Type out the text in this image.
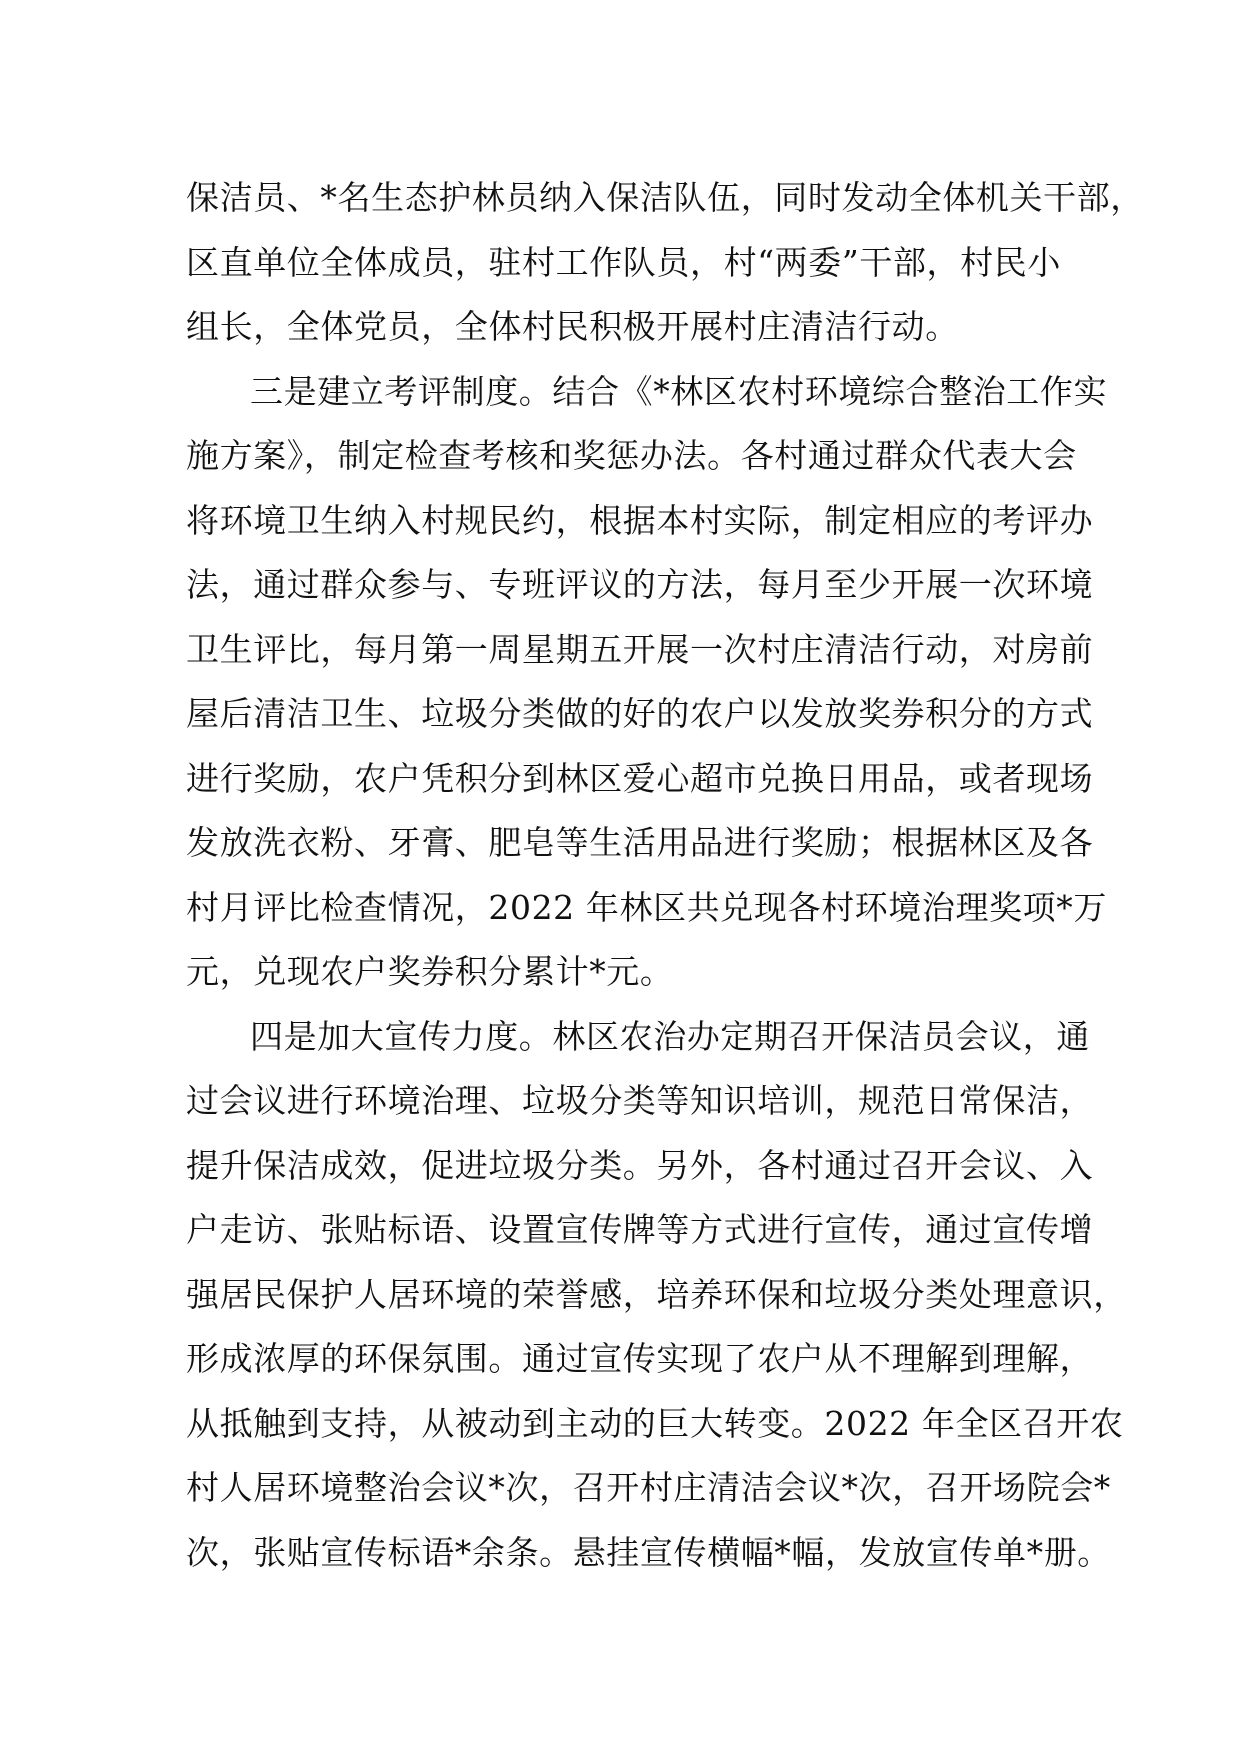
保洁员、*名生态护林员纳入保洁队伍，同时发动全体机关干部，
区直单位全体成员，驻村工作队员，村“两委”干部，村民小
组长，全体党员，全体村民积极开展村庄清洁行动。
三是建立考评制度。结合《*林区农村环境综合整治工作实
施方案》，制定检查考核和奖惩办法。各村通过群众代表大会
将环境卫生纳入村规民约，根据本村实际，制定相应的考评办
法，通过群众参与、专班评议的方法，每月至少开展一次环境
卫生评比，每月第一周星期五开展一次村庄清洁行动，对房前
屋后清洁卫生、垃圾分类做的好的农户以发放奖券积分的方式
进行奖励，农户凭积分到林区爱心超市兑换日用品，或者现场
发放洗衣粉、牙膏、肥皂等生活用品进行奖励；根据林区及各
村月评比检查情况，2022 年林区共兑现各村环境治理奖项*万
元，兑现农户奖券积分累计*元。
四是加大宣传力度。林区农治办定期召开保洁员会议，通
过会议进行环境治理、垃圾分类等知识培训，规范日常保洁，
提升保洁成效，促进垃圾分类。另外，各村通过召开会议、入
户走访、张贴标语、设置宣传牌等方式进行宣传，通过宣传增
强居民保护人居环境的荣誉感，培养环保和垃圾分类处理意识，
形成浓厚的环保氛围。通过宣传实现了农户从不理解到理解，
从抵触到支持，从被动到主动的巨大转变。2022 年全区召开农
村人居环境整治会议*次，召开村庄清洁会议*次，召开场院会*
次，张贴宣传标语*余条。悬挂宣传横幅*幅，发放宣传单*册。
